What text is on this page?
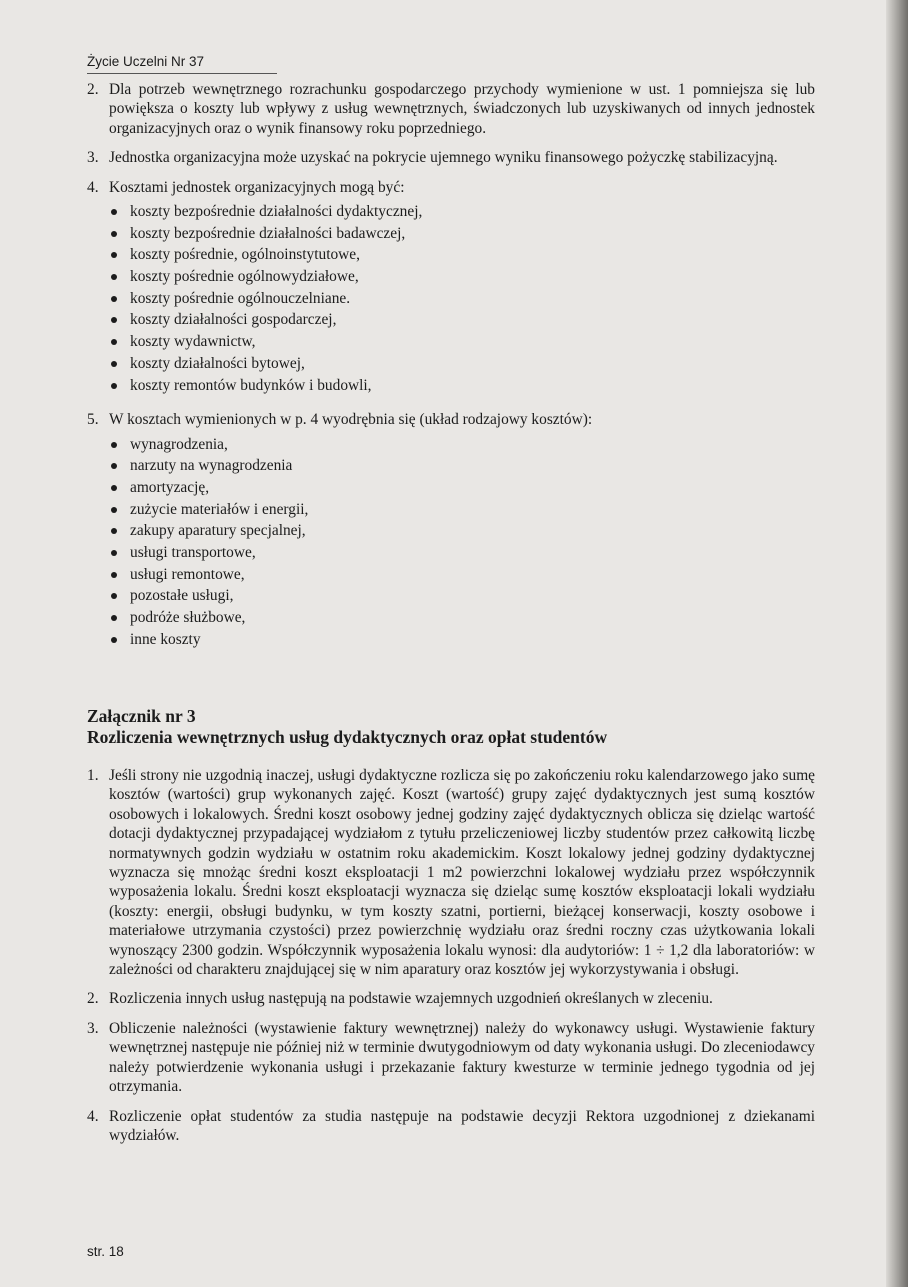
Życie Uczelni Nr 37
2. Dla potrzeb wewnętrznego rozrachunku gospodarczego przychody wymienione w ust. 1 pomniejsza się lub powiększa o koszty lub wpływy z usług wewnętrznych, świadczonych lub uzyskiwanych od innych jednostek organizacyjnych oraz o wynik finansowy roku poprzedniego.
3. Jednostka organizacyjna może uzyskać na pokrycie ujemnego wyniku finansowego pożyczkę stabilizacyjną.
4. Kosztami jednostek organizacyjnych mogą być:
koszty bezpośrednie działalności dydaktycznej,
koszty bezpośrednie działalności badawczej,
koszty pośrednie, ogólnoinstytutowe,
koszty pośrednie ogólnowydziałowe,
koszty pośrednie ogólnouczelniane.
koszty działalności gospodarczej,
koszty wydawnictw,
koszty działalności bytowej,
koszty remontów budynków i budowli,
5. W kosztach wymienionych w p. 4 wyodrębnia się (układ rodzajowy kosztów):
wynagrodzenia,
narzuty na wynagrodzenia
amortyzację,
zużycie materiałów i energii,
zakupy aparatury specjalnej,
usługi transportowe,
usługi remontowe,
pozostałe usługi,
podróże służbowe,
inne koszty
Załącznik nr 3
Rozliczenia wewnętrznych usług dydaktycznych oraz opłat studentów
1. Jeśli strony nie uzgodnią inaczej, usługi dydaktyczne rozlicza się po zakończeniu roku kalendarzowego jako sumę kosztów (wartości) grup wykonanych zajęć. Koszt (wartość) grupy zajęć dydaktycznych jest sumą kosztów osobowych i lokalowych. Średni koszt osobowy jednej godziny zajęć dydaktycznych oblicza się dzieląc wartość dotacji dydaktycznej przypadającej wydziałom z tytułu przeliczeniowej liczby studentów przez całkowitą liczbę normatywnych godzin wydziału w ostatnim roku akademickim. Koszt lokalowy jednej godziny dydaktycznej wyznacza się mnożąc średni koszt eksploatacji 1 m2 powierzchni lokalowej wydziału przez współczynnik wyposażenia lokalu. Średni koszt eksploatacji wyznacza się dzieląc sumę kosztów eksploatacji lokali wydziału (koszty: energii, obsługi budynku, w tym koszty szatni, portierni, bieżącej konserwacji, koszty osobowe i materiałowe utrzymania czystości) przez powierzchnię wydziału oraz średni roczny czas użytkowania lokali wynoszący 2300 godzin. Współczynnik wyposażenia lokalu wynosi: dla audytoriów: 1 ÷ 1,2 dla laboratoriów: w zależności od charakteru znajdującej się w nim aparatury oraz kosztów jej wykorzystywania i obsługi.
2. Rozliczenia innych usług następują na podstawie wzajemnych uzgodnień określanych w zleceniu.
3. Obliczenie należności (wystawienie faktury wewnętrznej) należy do wykonawcy usługi. Wystawienie faktury wewnętrznej następuje nie później niż w terminie dwutygodniowym od daty wykonania usługi. Do zleceniodawcy należy potwierdzenie wykonania usługi i przekazanie faktury kwesturze w terminie jednego tygodnia od jej otrzymania.
4. Rozliczenie opłat studentów za studia następuje na podstawie decyzji Rektora uzgodnionej z dziekanami wydziałów.
str. 18
